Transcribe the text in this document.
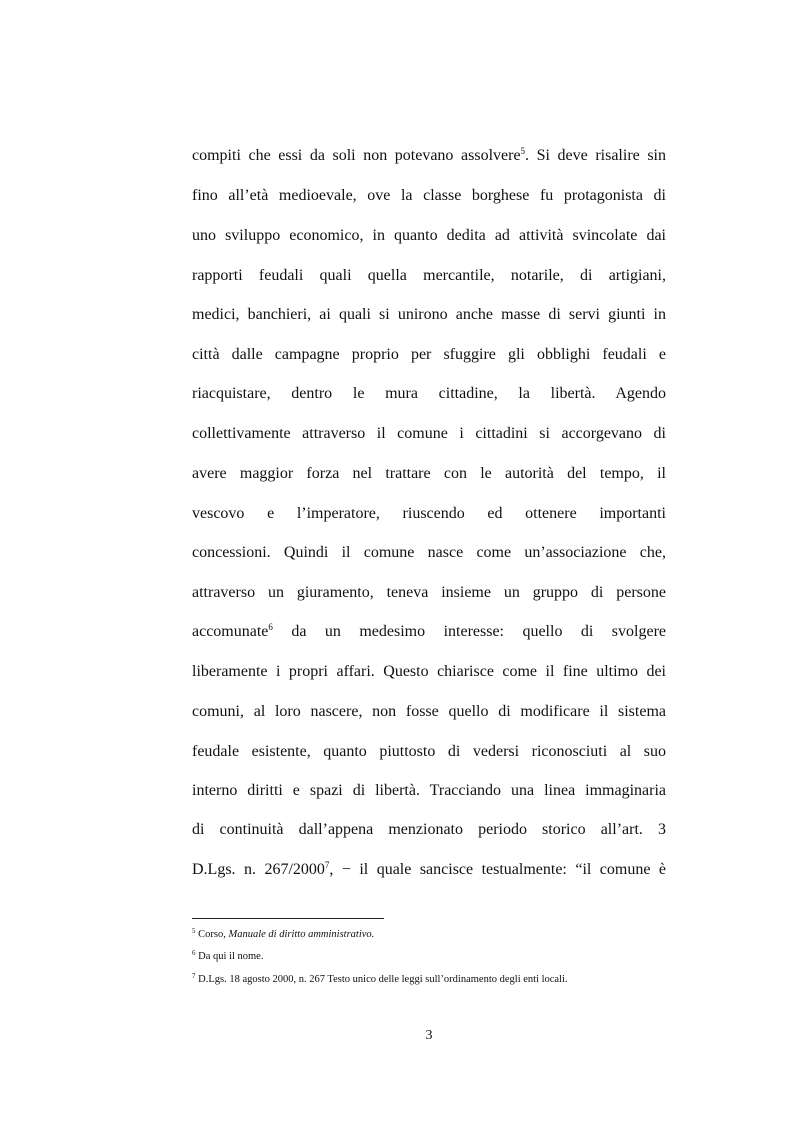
compiti che essi da soli non potevano assolvere$^5$. Si deve risalire sin
fino all’età medioevale, ove la classe borghese fu protagonista di
uno sviluppo economico, in quanto dedita ad attività svincolate dai
rapporti feudali quali quella mercantile, notarile, di artigiani,
medici, banchieri, ai quali si unirono anche masse di servi giunti in
città dalle campagne proprio per sfuggire gli obblighi feudali e
riacquistare, dentro le mura cittadine, la libertà. Agendo
collettivamente attraverso il comune i cittadini si accorgevano di
avere maggior forza nel trattare con le autorità del tempo, il
vescovo e l’imperatore, riuscendo ed ottenere importanti
concessioni. Quindi il comune nasce come un’associazione che,
attraverso un giuramento, teneva insieme un gruppo di persone
accomunate$^6$ da un medesimo interesse: quello di svolgere
liberamente i propri affari. Questo chiarisce come il fine ultimo dei
comuni, al loro nascere, non fosse quello di modificare il sistema
feudale esistente, quanto piuttosto di vedersi riconosciuti al suo
interno diritti e spazi di libertà. Tracciando una linea immaginaria
di continuità dall’appena menzionato periodo storico all’art. 3
D.Lgs. n. 267/2000$^7$, − il quale sancisce testualmente: “il comune è
$^5$ Corso, Manuale di diritto amministrativo.
$^6$ Da qui il nome.
$^7$ D.Lgs. 18 agosto 2000, n. 267 Testo unico delle leggi sull’ordinamento degli enti locali.
3
